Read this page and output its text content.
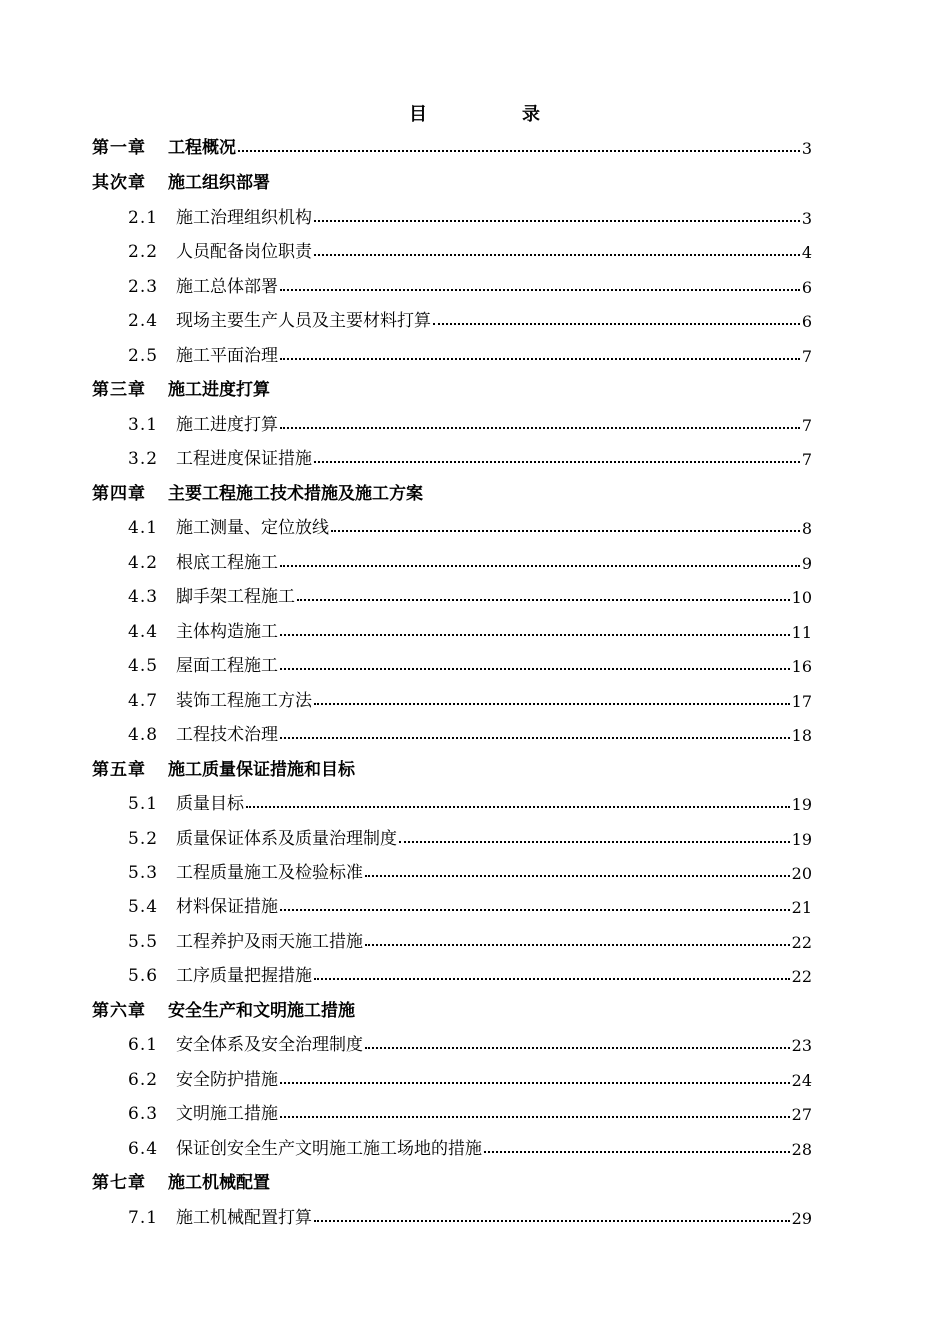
目	录
第一章 工程概况	3
其次章 施工组织部署
2.1 施工治理组织机构	3
2.2 人员配备岗位职责	4
2.3 施工总体部署	6
2.4 现场主要生产人员及主要材料打算	6
2.5 施工平面治理	7
第三章 施工进度打算
3.1 施工进度打算	7
3.2 工程进度保证措施	7
第四章 主要工程施工技术措施及施工方案
4.1 施工测量、定位放线	8
4.2 根底工程施工	9
4.3 脚手架工程施工	10
4.4 主体构造施工	11
4.5 屋面工程施工	16
4.7 装饰工程施工方法	17
4.8 工程技术治理	18
第五章 施工质量保证措施和目标
5.1 质量目标	19
5.2 质量保证体系及质量治理制度	19
5.3 工程质量施工及检验标准	20
5.4 材料保证措施	21
5.5 工程养护及雨天施工措施	22
5.6 工序质量把握措施	22
第六章 安全生产和文明施工措施
6.1 安全体系及安全治理制度	23
6.2 安全防护措施	24
6.3 文明施工措施	27
6.4 保证创安全生产文明施工施工场地的措施	28
第七章 施工机械配置
7.1 施工机械配置打算	29
